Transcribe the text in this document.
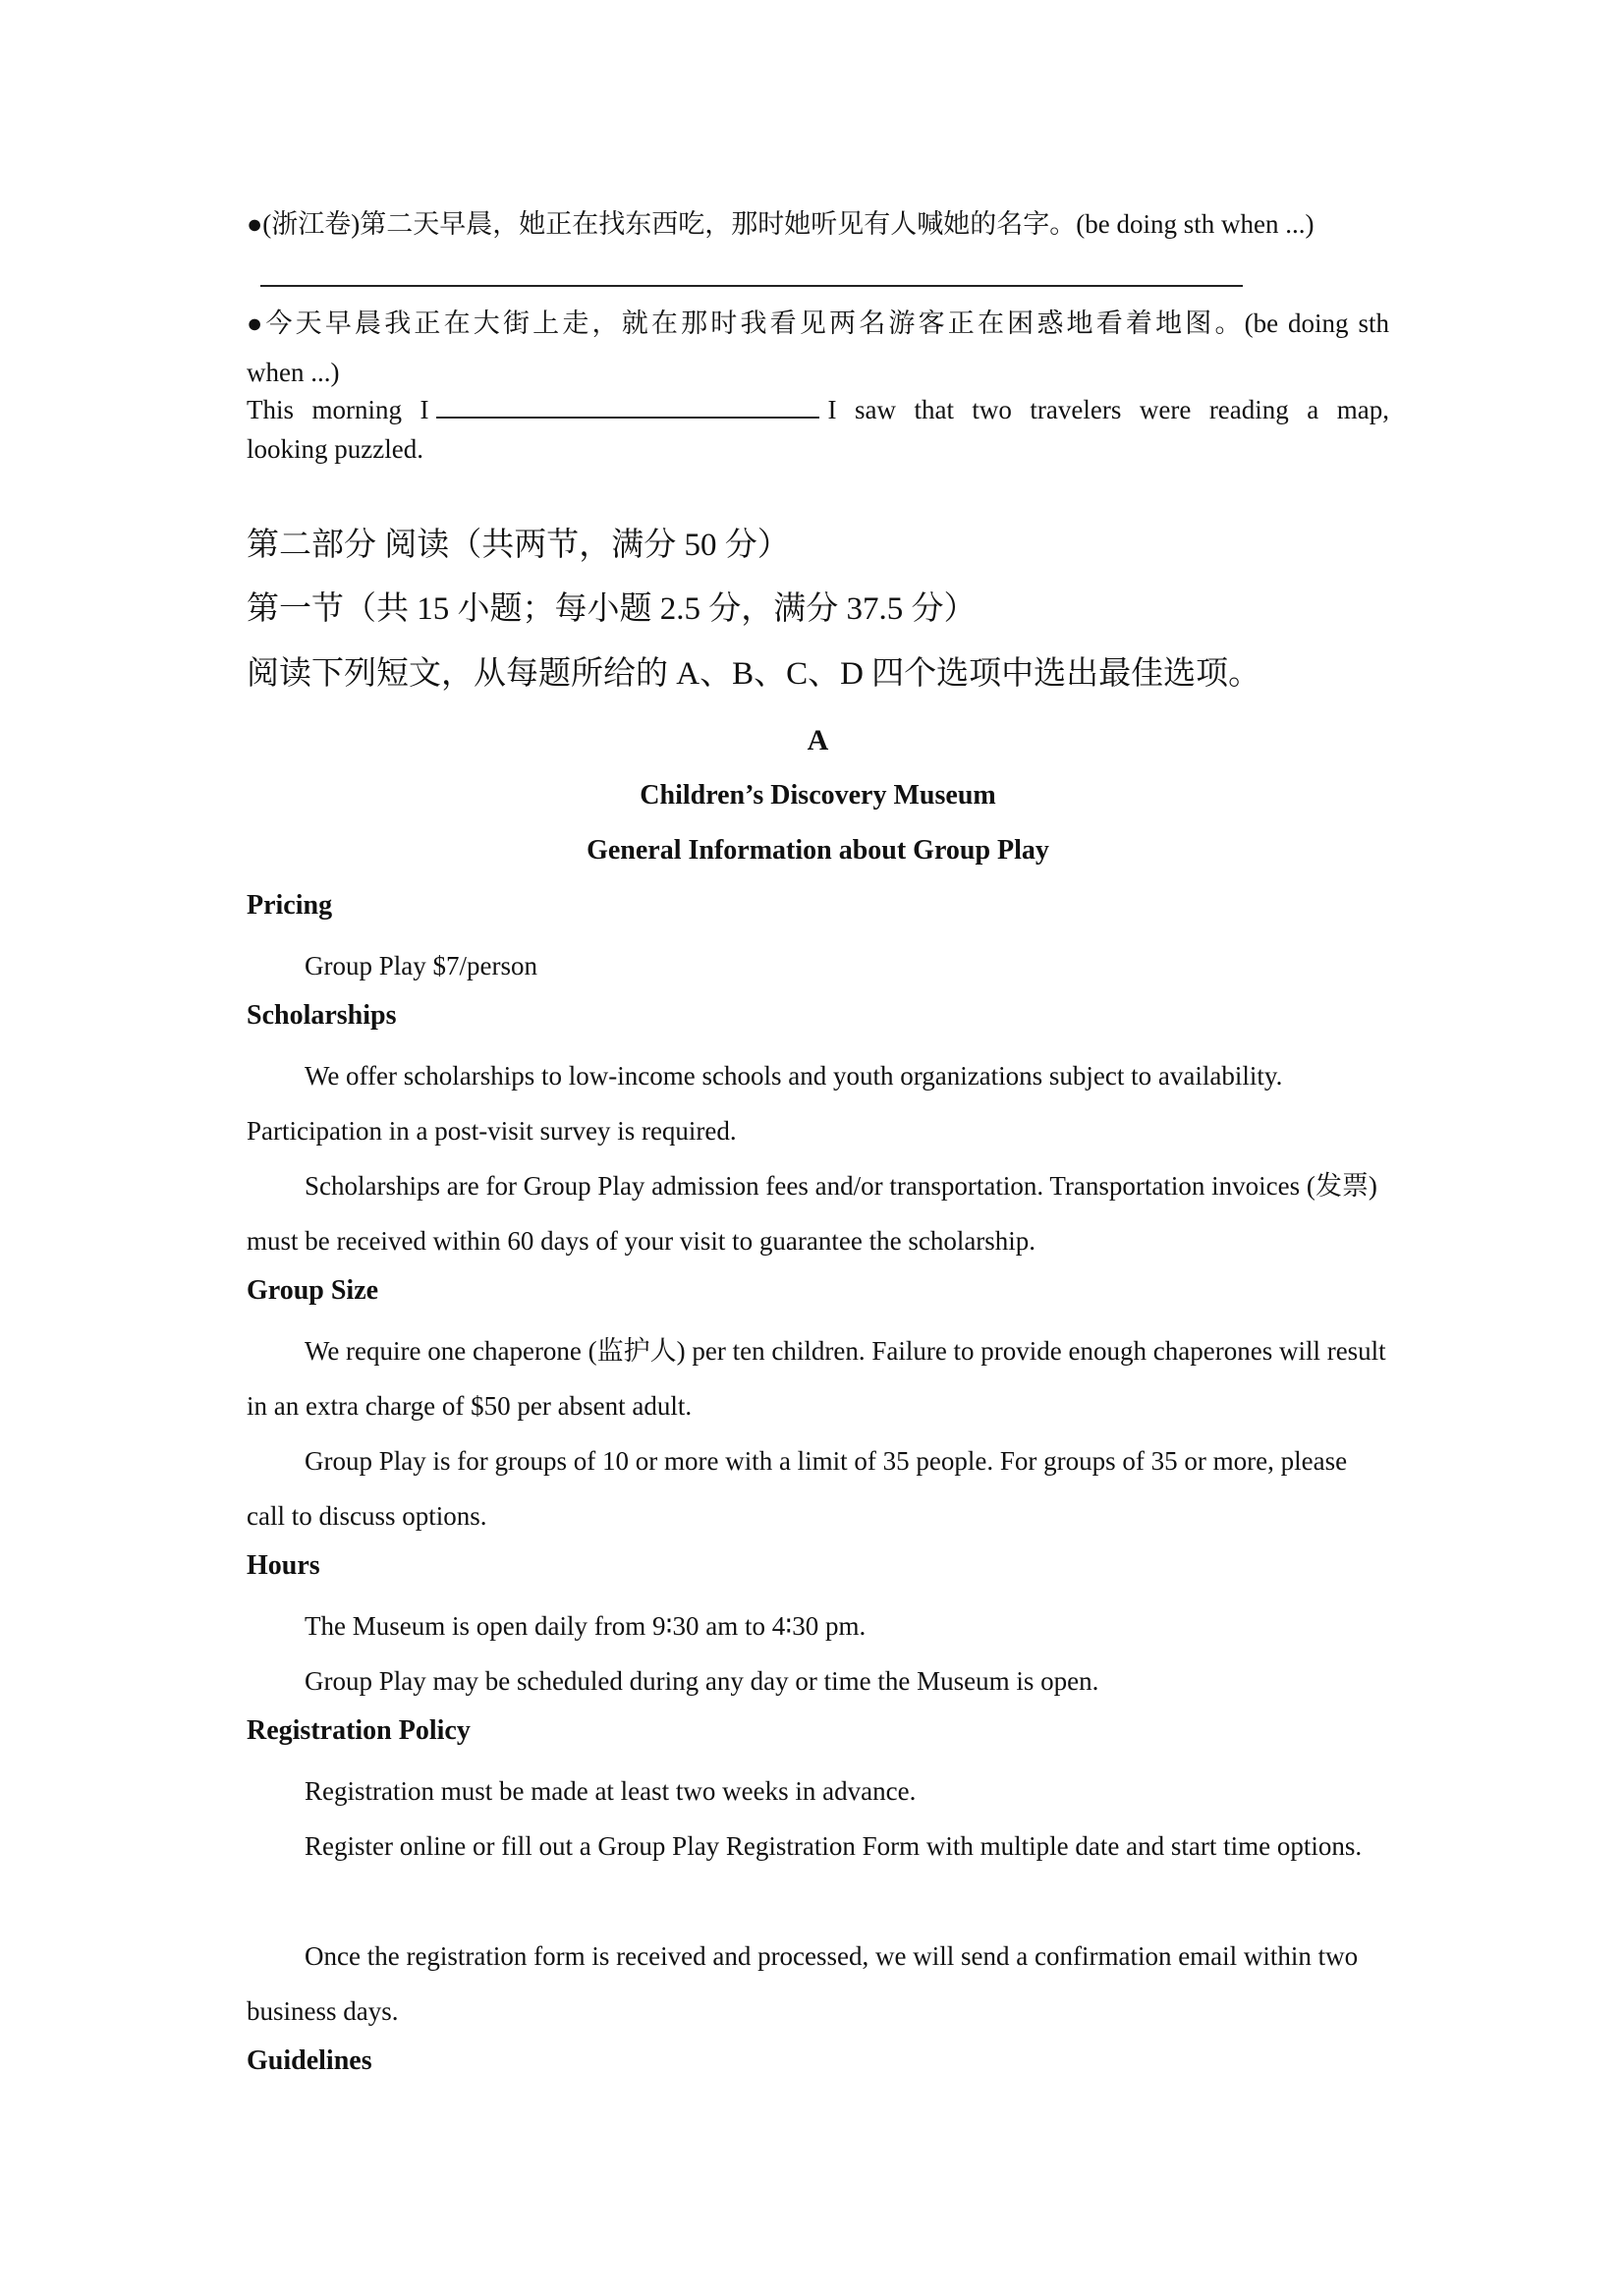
●(浙江卷)第二天早晨，她正在找东西吃，那时她听见有人喊她的名字。(be doing sth when ...)

●今天早晨我正在大街上走，就在那时我看见两名游客正在困惑地看着地图。(be doing sth

when ...)

This morning I	I saw that two travelers were reading a map,

looking puzzled.

第二部分 阅读（共两节，满分 50 分）
第一节（共 15 小题；每小题 2.5 分，满分 37.5 分）
阅读下列短文，从每题所给的 A、B、C、D 四个选项中选出最佳选项。
A
Children’s Discovery Museum
General Information about Group Play
Pricing
Group Play $7/person
Scholarships
We offer scholarships to low-income schools and youth organizations subject to availability. Participation in a post-visit survey is required.
Scholarships are for Group Play admission fees and/or transportation. Transportation invoices (发票) must be received within 60 days of your visit to guarantee the scholarship.
Group Size
We require one chaperone (监护人) per ten children. Failure to provide enough chaperones will result in an extra charge of $50 per absent adult.
Group Play is for groups of 10 or more with a limit of 35 people. For groups of 35 or more, please call to discuss options.
Hours
The Museum is open daily from 9∶30 am to 4∶30 pm.
Group Play may be scheduled during any day or time the Museum is open.
Registration Policy
Registration must be made at least two weeks in advance.
Register online or fill out a Group Play Registration Form with multiple date and start time options.
Once the registration form is received and processed, we will send a confirmation email within two business days.
Guidelines
